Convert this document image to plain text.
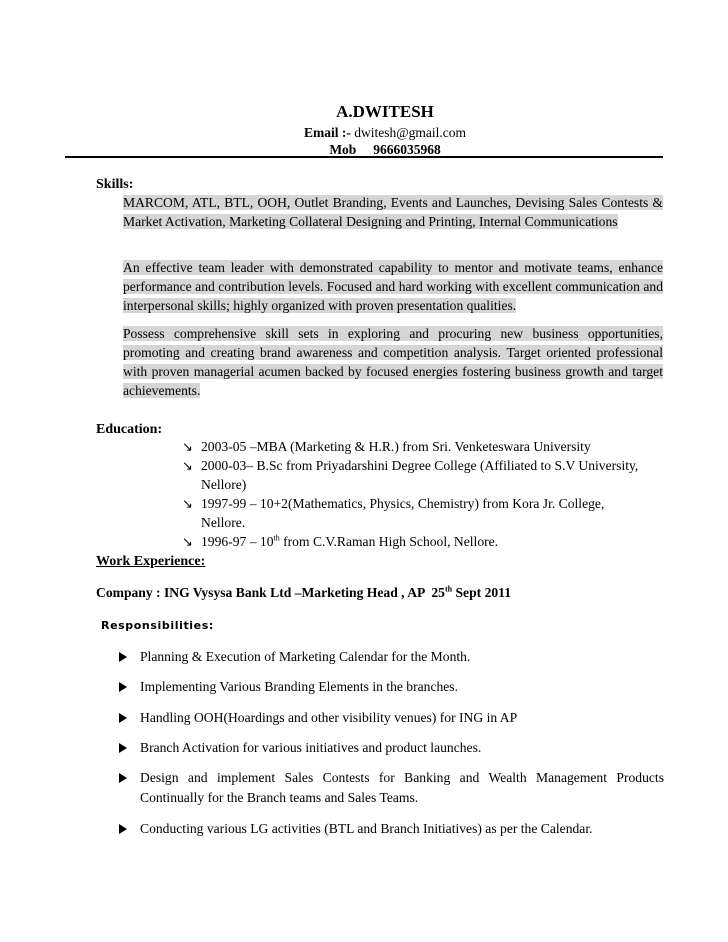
A.DWITESH
Email :- dwitesh@gmail.com
Mob 9666035968
Skills:
MARCOM, ATL, BTL, OOH, Outlet Branding, Events and Launches, Devising Sales Contests & Market Activation, Marketing Collateral Designing and Printing, Internal Communications
An effective team leader with demonstrated capability to mentor and motivate teams, enhance performance and contribution levels. Focused and hard working with excellent communication and interpersonal skills; highly organized with proven presentation qualities.
Possess comprehensive skill sets in exploring and procuring new business opportunities, promoting and creating brand awareness and competition analysis. Target oriented professional with proven managerial acumen backed by focused energies fostering business growth and target achievements.
Education:
↘ 2003-05 –MBA (Marketing & H.R.) from Sri. Venketeswara University
↘ 2000-03– B.Sc from Priyadarshini Degree College (Affiliated to S.V University, Nellore)
↘ 1997-99 – 10+2(Mathematics, Physics, Chemistry) from Kora Jr. College, Nellore.
↘ 1996-97 – 10th from C.V.Raman High School, Nellore.
Work Experience:
Company : ING Vysysa Bank Ltd –Marketing Head , AP  25th Sept 2011
Responsibilities:
Planning & Execution of Marketing Calendar for the Month.
Implementing Various Branding Elements in the branches.
Handling OOH(Hoardings and other visibility venues) for ING in AP
Branch Activation for various initiatives and product launches.
Design and implement Sales Contests for Banking and Wealth Management Products Continually for the Branch teams and Sales Teams.
Conducting various LG activities (BTL and Branch Initiatives) as per the Calendar.
